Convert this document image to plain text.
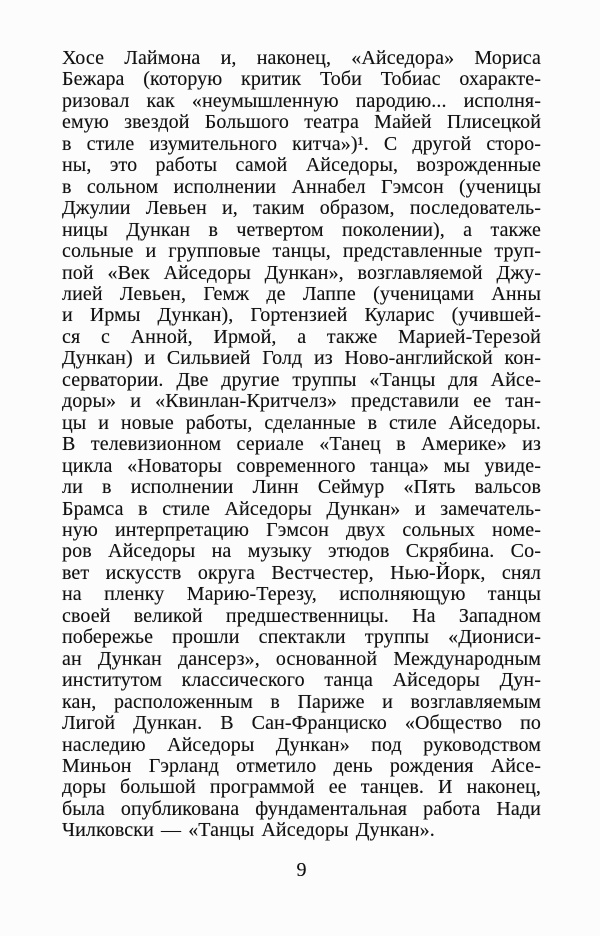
Хосе Лаймона и, наконец, «Айседора» Мориса
Бежара (которую критик Тоби Тобиас охаракте-
ризовал как «неумышленную пародию... исполня-
емую звездой Большого театра Майей Плисецкой
в стиле изумительного китча»)¹. С другой сторо-
ны, это работы самой Айседоры, возрожденные
в сольном исполнении Аннабел Гэмсон (ученицы
Джулии Левьен и, таким образом, последователь-
ницы Дункан в четвертом поколении), а также
сольные и групповые танцы, представленные труп-
пой «Век Айседоры Дункан», возглавляемой Джу-
лией Левьен, Гемж де Лаппе (ученицами Анны
и Ирмы Дункан), Гортензией Куларис (учившей-
ся с Анной, Ирмой, а также Марией-Терезой
Дункан) и Сильвией Голд из Ново-английской кон-
серватории. Две другие труппы «Танцы для Айсе-
доры» и «Квинлан-Критчелз» представили ее тан-
цы и новые работы, сделанные в стиле Айседоры.
В телевизионном сериале «Танец в Америке» из
цикла «Новаторы современного танца» мы увиде-
ли в исполнении Линн Сеймур «Пять вальсов
Брамса в стиле Айседоры Дункан» и замечатель-
ную интерпретацию Гэмсон двух сольных номе-
ров Айседоры на музыку этюдов Скрябина. Со-
вет искусств округа Вестчестер, Нью-Йорк, снял
на пленку Марию-Терезу, исполняющую танцы
своей великой предшественницы. На Западном
побережье прошли спектакли труппы «Диониси-
ан Дункан дансерз», основанной Международным
институтом классического танца Айседоры Дун-
кан, расположенным в Париже и возглавляемым
Лигой Дункан. В Сан-Франциско «Общество по
наследию Айседоры Дункан» под руководством
Миньон Гэрланд отметило день рождения Айсе-
доры большой программой ее танцев. И наконец,
была опубликована фундаментальная работа Нади
Чилковски — «Танцы Айседоры Дункан».
9
